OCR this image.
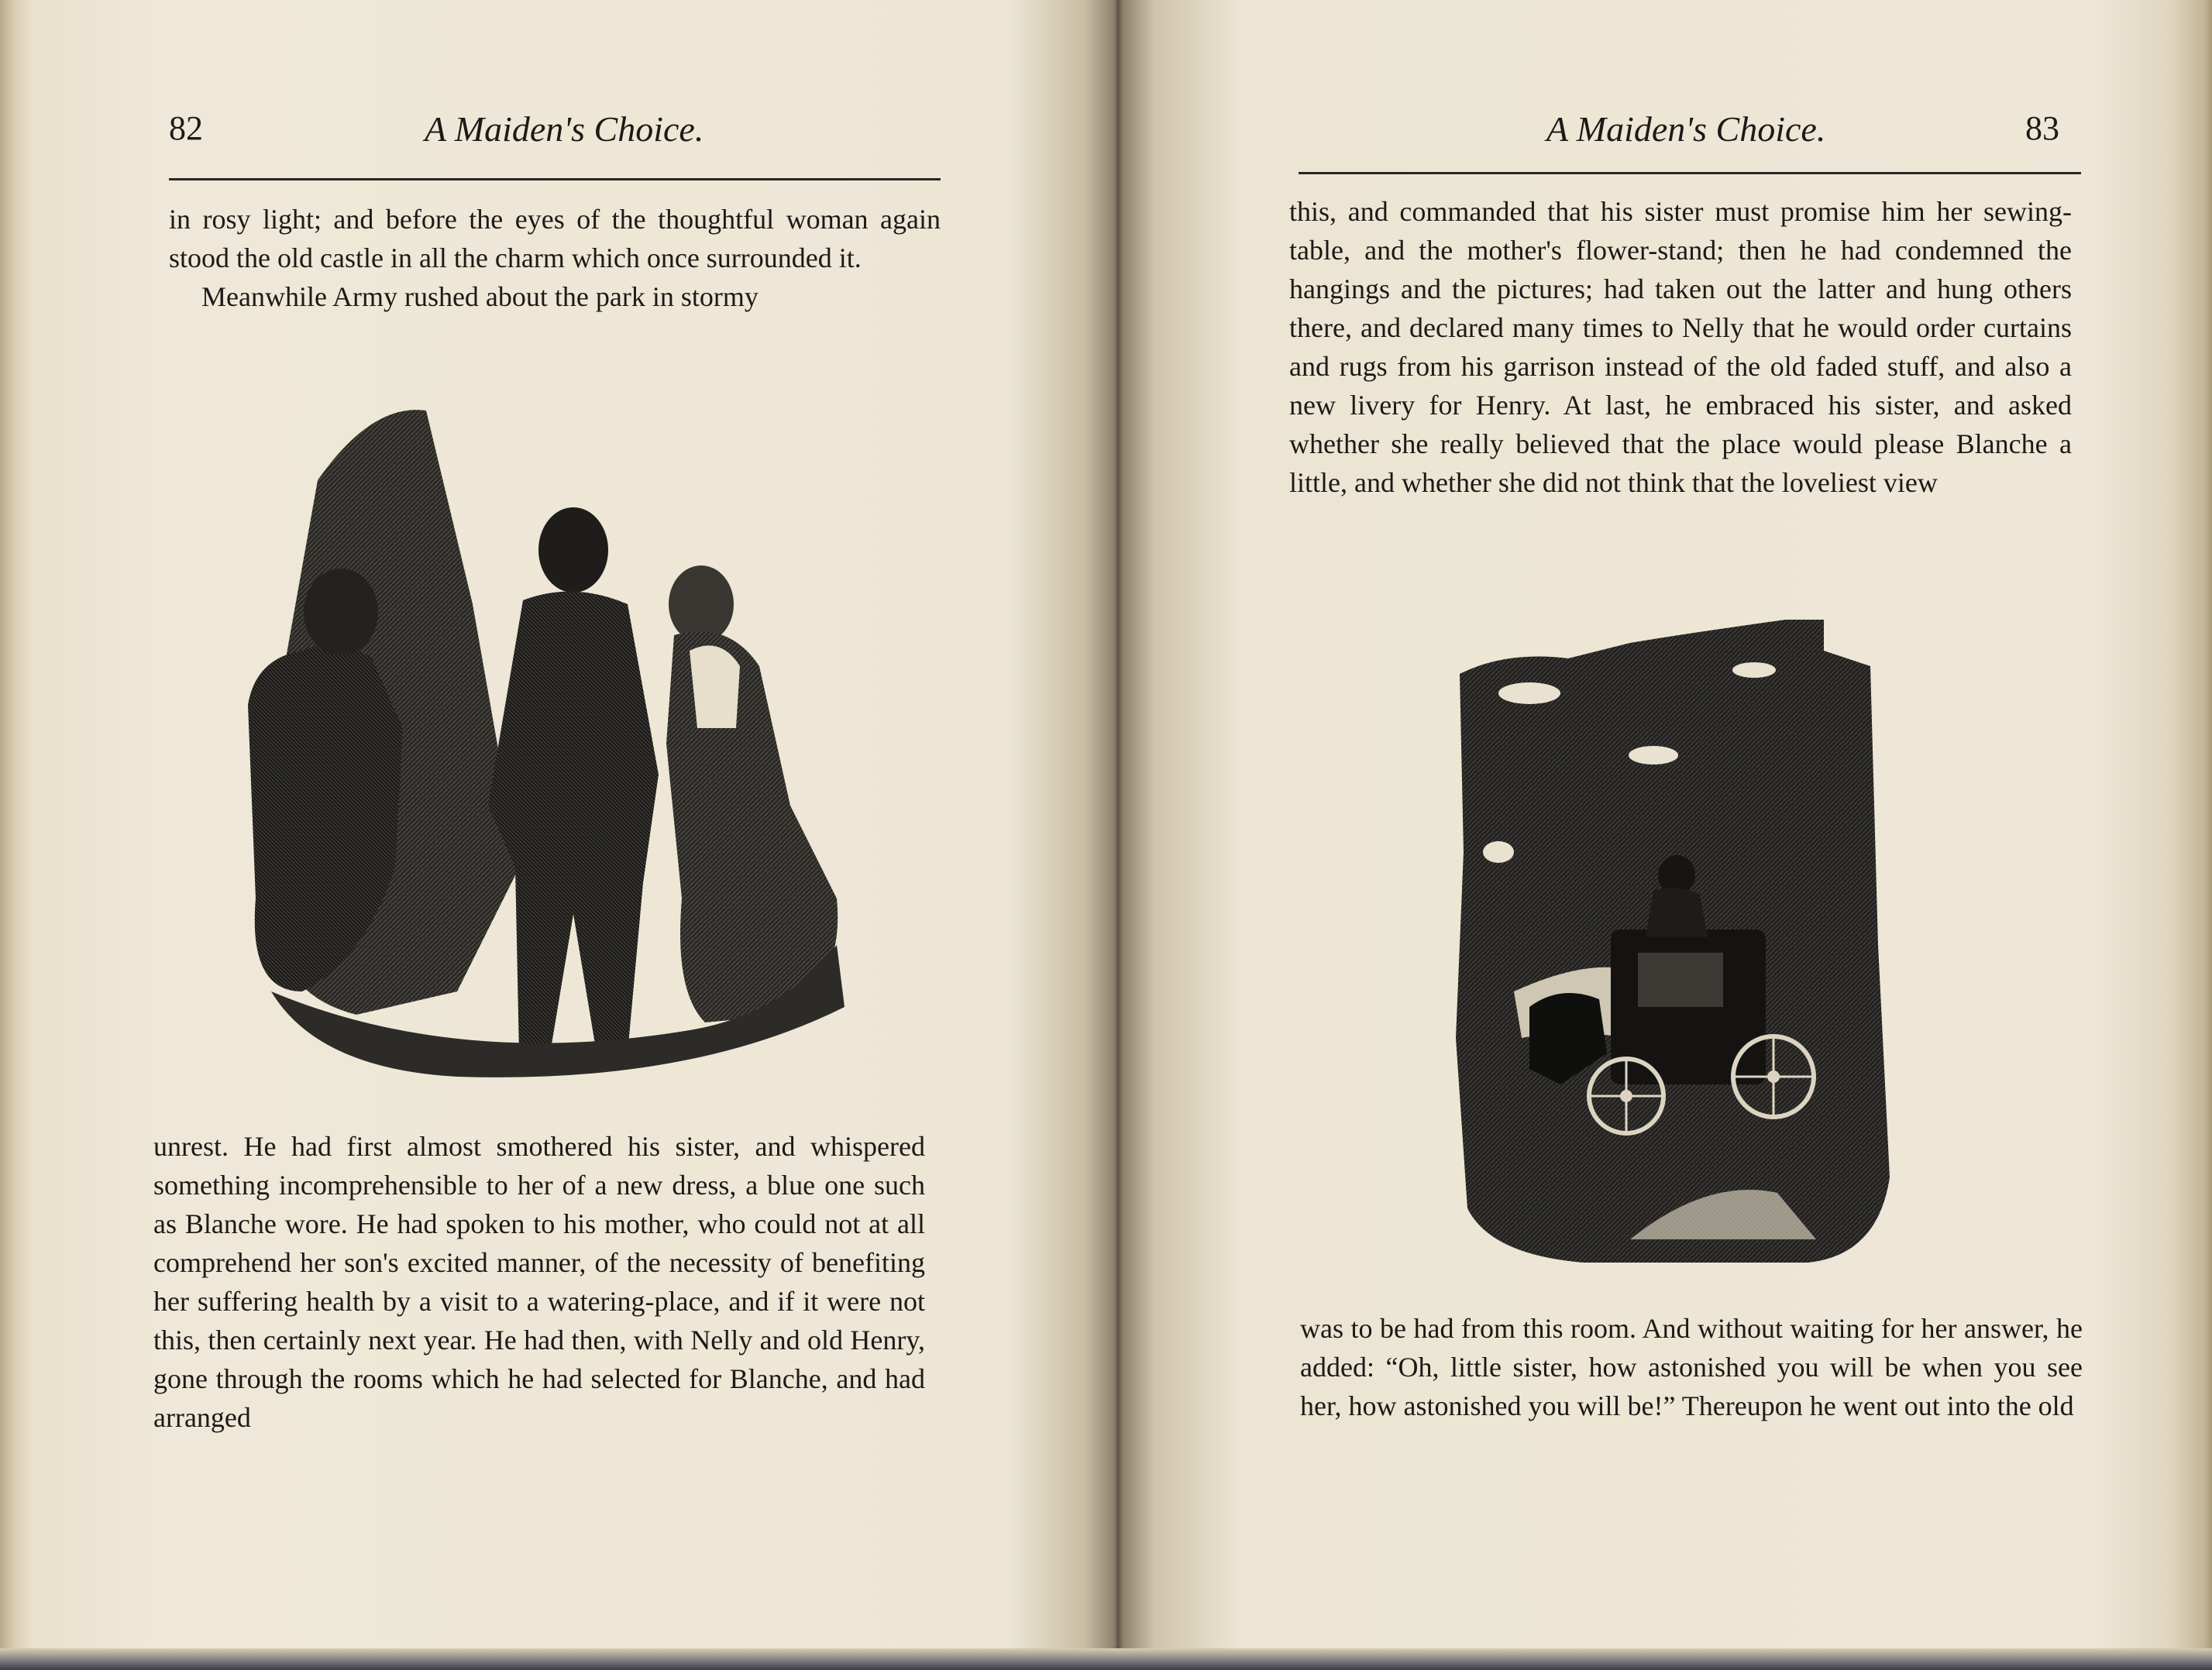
82	A Maiden's Choice.

in rosy light; and before the eyes of the thoughtful woman again stood the old castle in all the charm which once surrounded it.

Meanwhile Army rushed about the park in stormy

unrest. He had first almost smothered his sister, and whispered something incomprehensible to her of a new dress, a blue one such as Blanche wore. He had spoken to his mother, who could not at all comprehend her son's excited manner, of the necessity of benefiting her suffering health by a visit to a watering-place, and if it were not this, then certainly next year. He had then, with Nelly and old Henry, gone through the rooms which he had selected for Blanche, and had arranged
A Maiden's Choice.	83
this, and commanded that his sister must promise him her sewing-table, and the mother's flower-stand; then he had condemned the hangings and the pictures; had taken out the latter and hung others there, and declared many times to Nelly that he would order curtains and rugs from his garrison instead of the old faded stuff, and also a new livery for Henry. At last, he embraced his sister, and asked whether she really believed that the place would please Blanche a little, and whether she did not think that the loveliest view
was to be had from this room. And without waiting for her answer, he added: “Oh, little sister, how astonished you will be when you see her, how astonished you will be!” Thereupon he went out into the old
